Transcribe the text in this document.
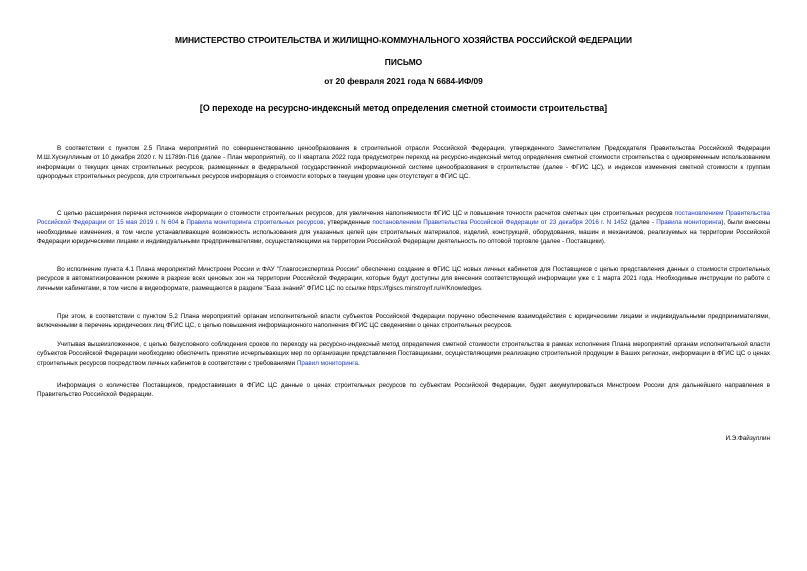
МИНИСТЕРСТВО СТРОИТЕЛЬСТВА И ЖИЛИЩНО-КОММУНАЛЬНОГО ХОЗЯЙСТВА РОССИЙСКОЙ ФЕДЕРАЦИИ
ПИСЬМО
от 20 февраля 2021 года N 6684-ИФ/09
[О переходе на ресурсно-индексный метод определения сметной стоимости строительства]

В соответствии с пунктом 2.5 Плана мероприятий по совершенствованию ценообразования в строительной отрасли Российской Федерации, утвержденного Заместителем Председателя Правительства Российской Федерации М.Ш.Хуснуллиным от 10 декабря 2020 г. N 11789п-П16 (далее - План мероприятий), со II квартала 2022 года предусмотрен переход на ресурсно-индексный метод определения сметной стоимости строительства с одновременным использованием информации о текущих ценах строительных ресурсов, размещенных в федеральной государственной информационной системе ценообразования в строительстве (далее - ФГИС ЦС), и индексов изменения сметной стоимости к группам однородных строительных ресурсов, для строительных ресурсов информация о стоимости которых в текущем уровне цен отсутствует в ФГИС ЦС.

С целью расширения перечня источников информации о стоимости строительных ресурсов, для увеличения наполняемости ФГИС ЦС и повышения точности расчетов сметных цен строительных ресурсов постановлением Правительства Российской Федерации от 15 мая 2019 г. N 604 в Правила мониторинга строительных ресурсов, утвержденные постановлением Правительства Российской Федерации от 23 декабря 2016 г. N 1452 (далее - Правила мониторинга), были внесены необходимые изменения, в том числе устанавливающие возможность использования для указанных целей цен строительных материалов, изделий, конструкций, оборудования, машин и механизмов, реализуемых на территории Российской Федерации юридическими лицами и индивидуальными предпринимателями, осуществляющими на территории Российской Федерации деятельность по оптовой торговле (далее - Поставщики).

Во исполнение пункта 4.1 Плана мероприятий Минстроем России и ФАУ "Главгосэкспертиза России" обеспечено создание в ФГИС ЦС новых личных кабинетов для Поставщиков с целью представления данных о стоимости строительных ресурсов в автоматизированном режиме в разрезе всех ценовых зон на территории Российской Федерации, которые будут доступны для внесения соответствующей информации уже с 1 марта 2021 года. Необходимые инструкции по работе с личными кабинетами, в том числе в видеоформате, размещаются в разделе "База знаний" ФГИС ЦС по ссылке https://fgiscs.minstroyrf.ru/#/Knowledges.

При этом, в соответствии с пунктом 5.2 Плана мероприятий органам исполнительной власти субъектов Российской Федерации поручено обеспечение взаимодействия с юридическими лицами и индивидуальными предпринимателями, включенными в перечень юридических лиц ФГИС ЦС, с целью повышения информационного наполнения ФГИС ЦС сведениями о ценах строительных ресурсов.

Учитывая вышеизложенное, с целью безусловного соблюдения сроков по переходу на ресурсно-индексный метод определения сметной стоимости строительства в рамках исполнения Плана мероприятий органам исполнительной власти субъектов Российской Федерации необходимо обеспечить принятие исчерпывающих мер по организации представления Поставщиками, осуществляющими реализацию строительной продукции в Ваших регионах, информации в ФГИС ЦС о ценах строительных ресурсов посредством личных кабинетов в соответствии с требованиями Правил мониторинга.

Информация о количестве Поставщиков, предоставивших в ФГИС ЦС данные о ценах строительных ресурсов по субъектам Российской Федерации, будет аккумулироваться Минстроем России для дальнейшего направления в Правительство Российской Федерации.

И.Э.Файзуллин
